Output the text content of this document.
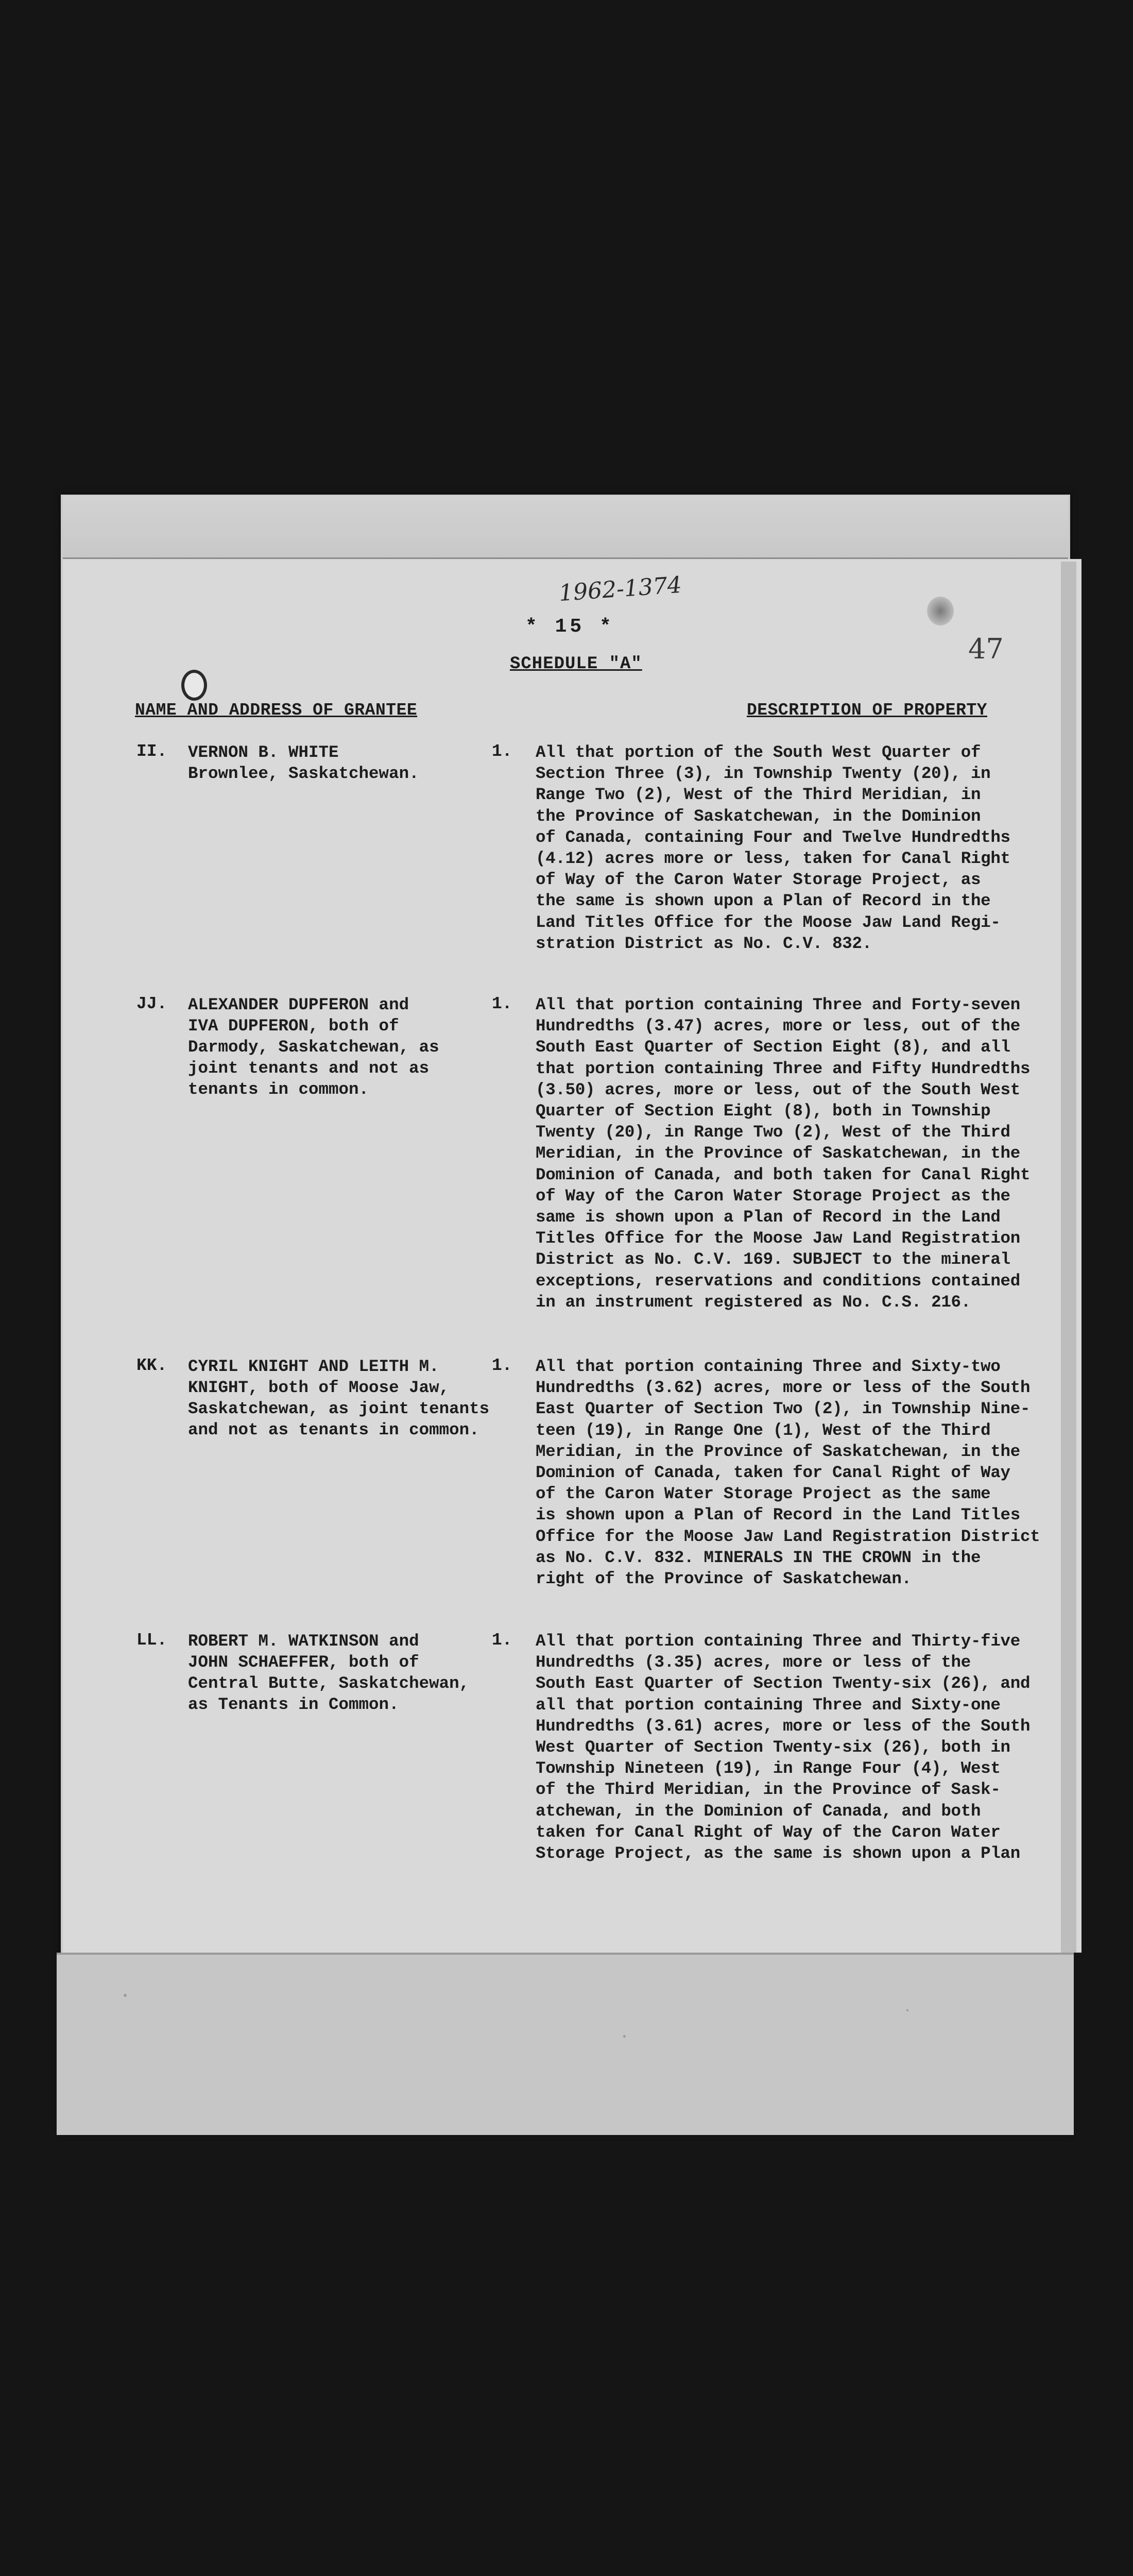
1962-1374
* 15 *
47
SCHEDULE "A"
NAME AND ADDRESS OF GRANTEE	DESCRIPTION OF PROPERTY
II. VERNON B. WHITE
Brownlee, Saskatchewan.
1. All that portion of the South West Quarter of
Section Three (3), in Township Twenty (20), in
Range Two (2), West of the Third Meridian, in
the Province of Saskatchewan, in the Dominion
of Canada, containing Four and Twelve Hundredths
(4.12) acres more or less, taken for Canal Right
of Way of the Caron Water Storage Project, as
the same is shown upon a Plan of Record in the
Land Titles Office for the Moose Jaw Land Regi-
stration District as No. C.V. 832.
JJ. ALEXANDER DUPFERON and
IVA DUPFERON, both of
Darmody, Saskatchewan, as
joint tenants and not as
tenants in common.
1. All that portion containing Three and Forty-seven
Hundredths (3.47) acres, more or less, out of the
South East Quarter of Section Eight (8), and all
that portion containing Three and Fifty Hundredths
(3.50) acres, more or less, out of the South West
Quarter of Section Eight (8), both in Township
Twenty (20), in Range Two (2), West of the Third
Meridian, in the Province of Saskatchewan, in the
Dominion of Canada, and both taken for Canal Right
of Way of the Caron Water Storage Project as the
same is shown upon a Plan of Record in the Land
Titles Office for the Moose Jaw Land Registration
District as No. C.V. 169. SUBJECT to the mineral
exceptions, reservations and conditions contained
in an instrument registered as No. C.S. 216.
KK. CYRIL KNIGHT AND LEITH M.
KNIGHT, both of Moose Jaw,
Saskatchewan, as joint tenants
and not as tenants in common.
1. All that portion containing Three and Sixty-two
Hundredths (3.62) acres, more or less of the South
East Quarter of Section Two (2), in Township Nine-
teen (19), in Range One (1), West of the Third
Meridian, in the Province of Saskatchewan, in the
Dominion of Canada, taken for Canal Right of Way
of the Caron Water Storage Project as the same
is shown upon a Plan of Record in the Land Titles
Office for the Moose Jaw Land Registration District
as No. C.V. 832. MINERALS IN THE CROWN in the
right of the Province of Saskatchewan.
LL. ROBERT M. WATKINSON and
JOHN SCHAEFFER, both of
Central Butte, Saskatchewan,
as Tenants in Common.
1. All that portion containing Three and Thirty-five
Hundredths (3.35) acres, more or less of the
South East Quarter of Section Twenty-six (26), and
all that portion containing Three and Sixty-one
Hundredths (3.61) acres, more or less of the South
West Quarter of Section Twenty-six (26), both in
Township Nineteen (19), in Range Four (4), West
of the Third Meridian, in the Province of Sask-
atchewan, in the Dominion of Canada, and both
taken for Canal Right of Way of the Caron Water
Storage Project, as the same is shown upon a Plan
